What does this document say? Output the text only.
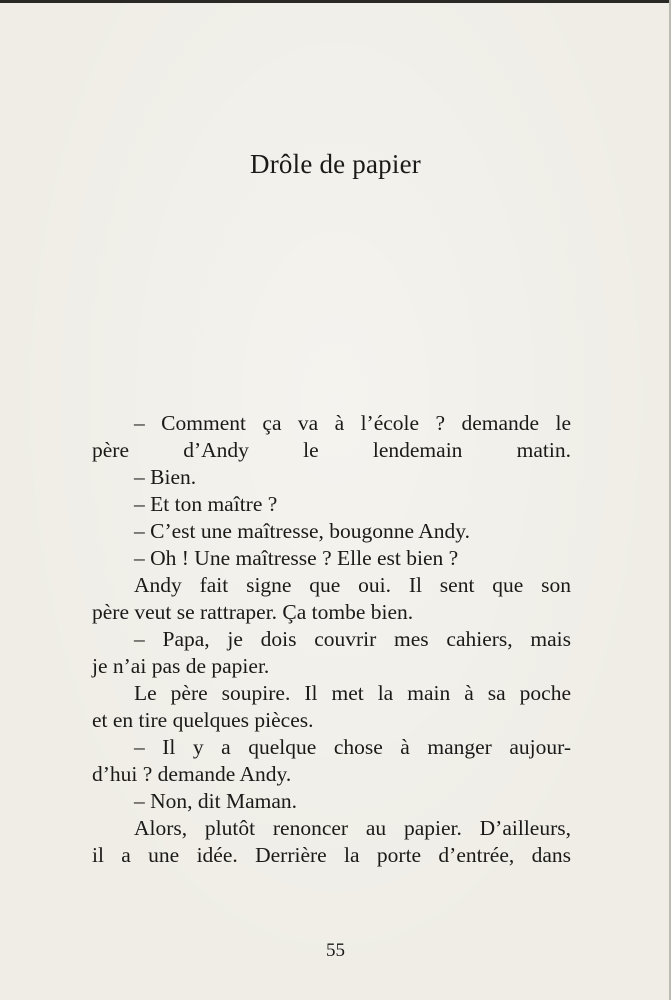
Drôle de papier
– Comment ça va à l’école ? demande le
père d’Andy le lendemain matin.
– Bien.
– Et ton maître ?
– C’est une maîtresse, bougonne Andy.
– Oh ! Une maîtresse ? Elle est bien ?
Andy fait signe que oui. Il sent que son
père veut se rattraper. Ça tombe bien.
– Papa, je dois couvrir mes cahiers, mais
je n’ai pas de papier.
Le père soupire. Il met la main à sa poche
et en tire quelques pièces.
– Il y a quelque chose à manger aujour-
d’hui ? demande Andy.
– Non, dit Maman.
Alors, plutôt renoncer au papier. D’ailleurs,
il a une idée. Derrière la porte d’entrée, dans
55
